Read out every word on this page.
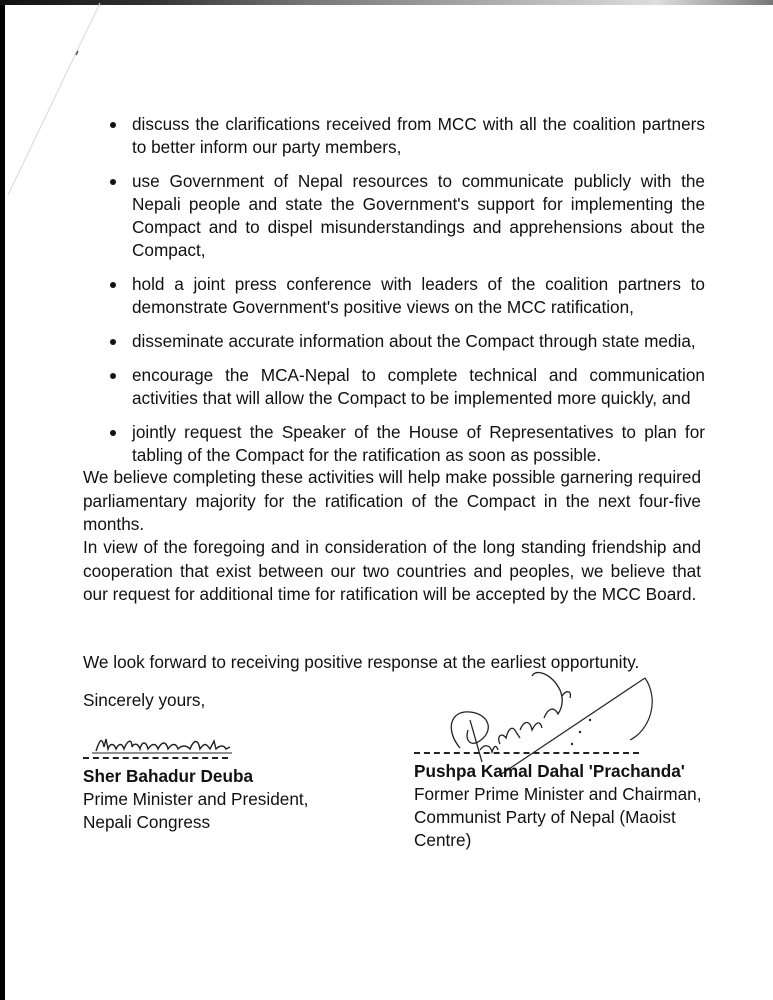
discuss the clarifications received from MCC with all the coalition partners to better inform our party members,
use Government of Nepal resources to communicate publicly with the Nepali people and state the Government's support for implementing the Compact and to dispel misunderstandings and apprehensions about the Compact,
hold a joint press conference with leaders of the coalition partners to demonstrate Government's positive views on the MCC ratification,
disseminate accurate information about the Compact through state media,
encourage the MCA-Nepal to complete technical and communication activities that will allow the Compact to be implemented more quickly, and
jointly request the Speaker of the House of Representatives to plan for tabling of the Compact for the ratification as soon as possible.

We believe completing these activities will help make possible garnering required parliamentary majority for the ratification of the Compact in the next four-five months.

In view of the foregoing and in consideration of the long standing friendship and cooperation that exist between our two countries and peoples, we believe that our request for additional time for ratification will be accepted by the MCC Board.

We look forward to receiving positive response at the earliest opportunity.

Sincerely yours,

Sher Bahadur Deuba
Prime Minister and President,
Nepali Congress
Pushpa Kamal Dahal 'Prachanda'
Former Prime Minister and Chairman,
Communist Party of Nepal (Maoist
Centre)
